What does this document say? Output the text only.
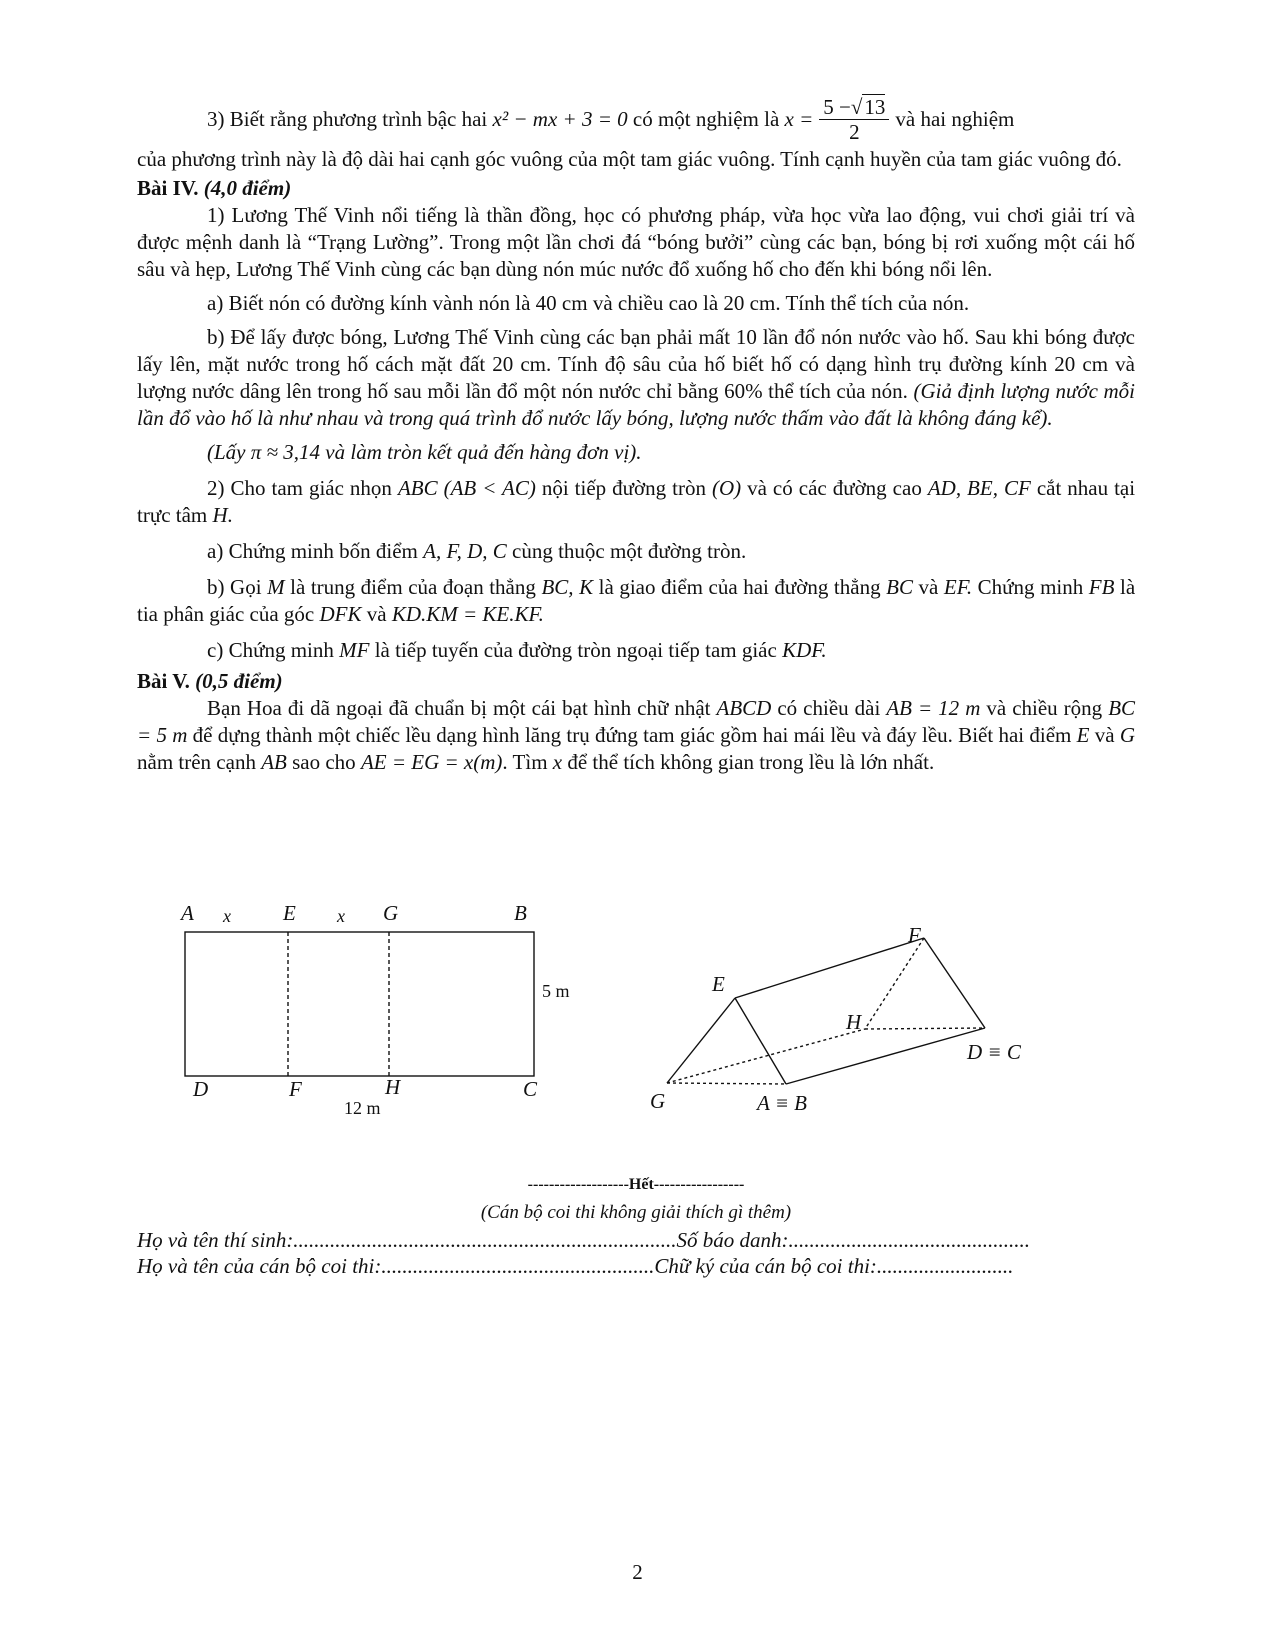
3) Biết rằng phương trình bậc hai
x² − mx + 3 = 0
có một nghiệm là
$x = \frac{5 -√13}{2}$ và hai nghiệm

của phương trình này là độ dài hai cạnh góc vuông của một tam giác vuông. Tính cạnh huyền của tam giác vuông đó.

Bài IV. (4,0 điểm)

1) Lương Thế Vinh nổi tiếng là thần đồng, học có phương pháp, vừa học vừa lao động, vui chơi giải trí và được mệnh danh là “Trạng Lường”. Trong một lần chơi đá “bóng bưởi” cùng các bạn, bóng bị rơi xuống một cái hố sâu và hẹp, Lương Thế Vinh cùng các bạn dùng nón múc nước đổ xuống hố cho đến khi bóng nổi lên.

a) Biết nón có đường kính vành nón là 40 cm và chiều cao là 20 cm. Tính thể tích của nón.

b) Để lấy được bóng, Lương Thế Vinh cùng các bạn phải mất 10 lần đổ nón nước vào hố. Sau khi bóng được lấy lên, mặt nước trong hố cách mặt đất 20 cm. Tính độ sâu của hố biết hố có dạng hình trụ đường kính 20 cm và lượng nước dâng lên trong hố sau mỗi lần đổ một nón nước chỉ bằng 60% thể tích của nón. (Giả định lượng nước mỗi lần đổ vào hố là như nhau và trong quá trình đổ nước lấy bóng, lượng nước thấm vào đất là không đáng kể).

(Lấy π ≈ 3,14 và làm tròn kết quả đến hàng đơn vị).

2) Cho tam giác nhọn ABC (AB < AC) nội tiếp đường tròn (O) và có các đường cao AD, BE, CF cắt nhau tại trực tâm H.

a) Chứng minh bốn điểm A, F, D, C cùng thuộc một đường tròn.

b) Gọi M là trung điểm của đoạn thẳng BC, K là giao điểm của hai đường thẳng BC và EF. Chứng minh FB là tia phân giác của góc DFK và KD.KM = KE.KF.

c) Chứng minh MF là tiếp tuyến của đường tròn ngoại tiếp tam giác KDF.

Bài V. (0,5 điểm)

Bạn Hoa đi dã ngoại đã chuẩn bị một cái bạt hình chữ nhật ABCD có chiều dài AB = 12 m và chiều rộng BC = 5 m để dựng thành một chiếc lều dạng hình lăng trụ đứng tam giác gồm hai mái lều và đáy lều. Biết hai điểm E và G nằm trên cạnh AB sao cho AE = EG = x(m). Tìm x để thể tích không gian trong lều là lớn nhất.

A x E x G	B
D	F	H	C
5 m
12 m
E
F
H
G	A ≡ B
D ≡ C
-------------------Hết-----------------
(Cán bộ coi thi không giải thích gì thêm)
Họ và tên thí sinh:.........................................................................Số báo danh:..............................................
Họ và tên của cán bộ coi thi:....................................................Chữ ký của cán bộ coi thi:..........................
2
